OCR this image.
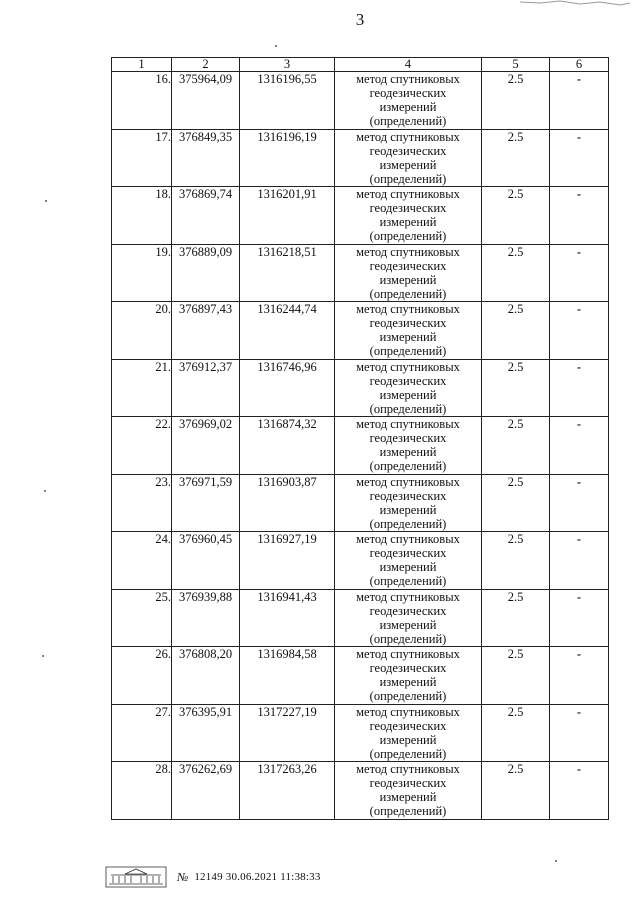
3
1	2	3	4	5	6
16.	375964,09	1316196,55	метод спутниковых
геодезических
измерений
(определений)	2.5	-
17.	376849,35	1316196,19	метод спутниковых
геодезических
измерений
(определений)	2.5	-
18.	376869,74	1316201,91	метод спутниковых
геодезических
измерений
(определений)	2.5	-
19.	376889,09	1316218,51	метод спутниковых
геодезических
измерений
(определений)	2.5	-
20.	376897,43	1316244,74	метод спутниковых
геодезических
измерений
(определений)	2.5	-
21.	376912,37	1316746,96	метод спутниковых
геодезических
измерений
(определений)	2.5	-
22.	376969,02	1316874,32	метод спутниковых
геодезических
измерений
(определений)	2.5	-
23.	376971,59	1316903,87	метод спутниковых
геодезических
измерений
(определений)	2.5	-
24.	376960,45	1316927,19	метод спутниковых
геодезических
измерений
(определений)	2.5	-
25.	376939,88	1316941,43	метод спутниковых
геодезических
измерений
(определений)	2.5	-
26.	376808,20	1316984,58	метод спутниковых
геодезических
измерений
(определений)	2.5	-
27.	376395,91	1317227,19	метод спутниковых
геодезических
измерений
(определений)	2.5	-
28.	376262,69	1317263,26	метод спутниковых
геодезических
измерений
(определений)	2.5	-
№ 12149 30.06.2021 11:38:33
